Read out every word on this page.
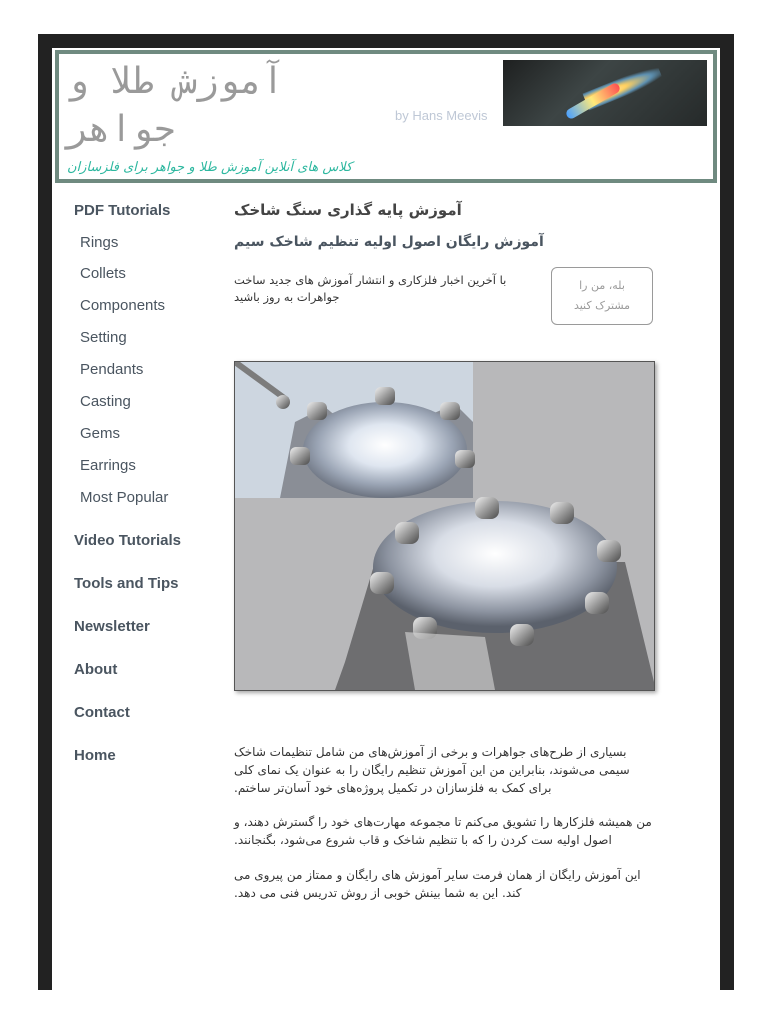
آموزش طلا و جواهر	by Hans Meevis
کلاس های آنلاین آموزش طلا و جواهر برای فلزسازان
PDF Tutorials
Rings
Collets
Components
Setting
Pendants
Casting
Gems
Earrings
Most Popular
Video Tutorials
Tools and Tips
Newsletter
About
Contact
Home
آموزش پایه گذاری سنگ شاخک
آموزش رایگان اصول اولیه تنظیم شاخک سیم
با آخرین اخبار فلزکاری و انتشار آموزش های جدید ساخت جواهرات به روز باشید
بله، من را مشترک کنید

بسیاری از طرح‌های جواهرات و برخی از آموزش‌های من شامل تنظیمات شاخک سیمی می‌شوند، بنابراین من این آموزش تنظیم رایگان را به عنوان یک نمای کلی برای کمک به فلزسازان در تکمیل پروژه‌های خود آسان‌تر ساختم.

من همیشه فلزکارها را تشویق می‌کنم تا مجموعه مهارت‌های خود را گسترش دهند، و اصول اولیه ست کردن را که با تنظیم شاخک و قاب شروع می‌شود، بگنجانند.

این آموزش رایگان از همان فرمت سایر آموزش های رایگان و ممتاز من پیروی می کند. این به شما بینش خوبی از روش تدریس فنی می دهد.
